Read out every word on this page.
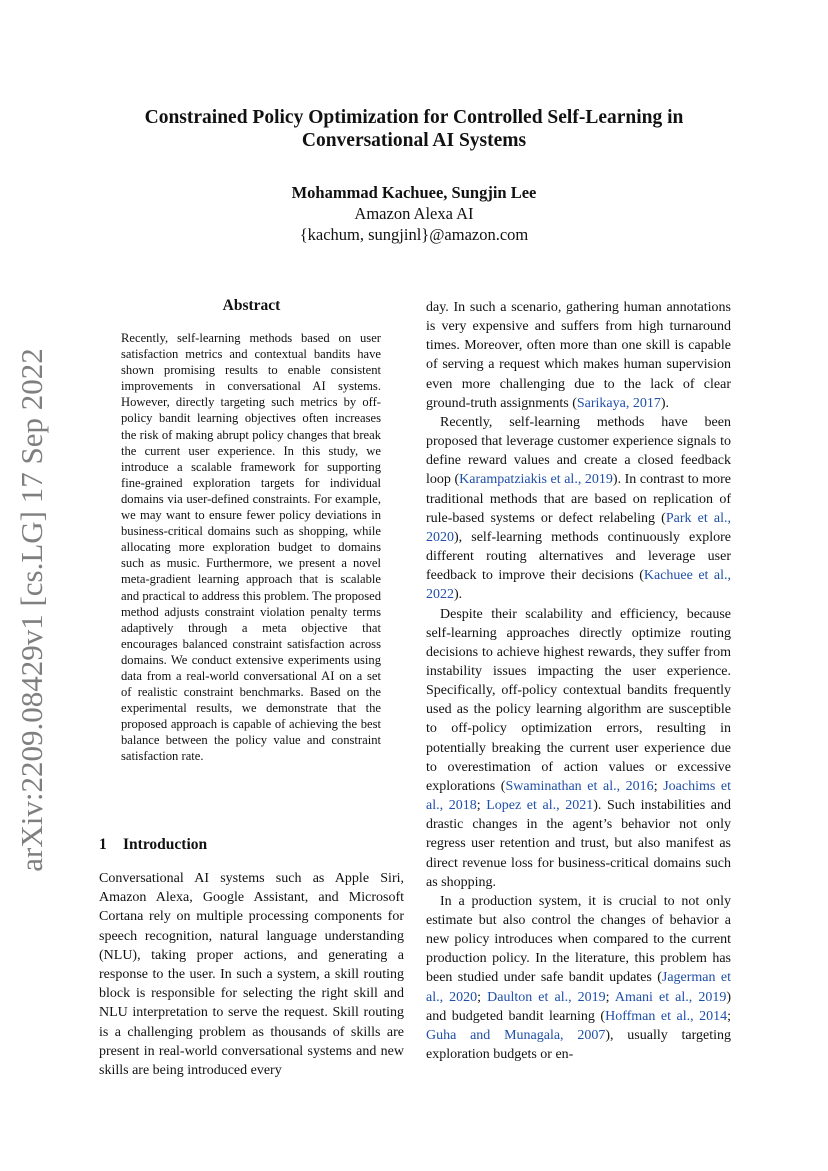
Constrained Policy Optimization for Controlled Self-Learning in
Conversational AI Systems
Mohammad Kachuee, Sungjin Lee
Amazon Alexa AI
{kachum, sungjinl}@amazon.com
arXiv:2209.08429v1 [cs.LG] 17 Sep 2022
Abstract

Recently, self-learning methods based on user satisfaction metrics and contextual bandits have shown promising results to enable consistent improvements in conversational AI systems. However, directly targeting such metrics by off-policy bandit learning objectives often increases the risk of making abrupt policy changes that break the current user experience. In this study, we introduce a scalable framework for supporting fine-grained exploration targets for individual domains via user-defined constraints. For example, we may want to ensure fewer policy deviations in business-critical domains such as shopping, while allocating more exploration budget to domains such as music. Furthermore, we present a novel meta-gradient learning approach that is scalable and practical to address this problem. The proposed method adjusts constraint violation penalty terms adaptively through a meta objective that encourages balanced constraint satisfaction across domains. We conduct extensive experiments using data from a real-world conversational AI on a set of realistic constraint benchmarks. Based on the experimental results, we demonstrate that the proposed approach is capable of achieving the best balance between the policy value and constraint satisfaction rate.

1 Introduction

Conversational AI systems such as Apple Siri, Amazon Alexa, Google Assistant, and Microsoft Cortana rely on multiple processing components for speech recognition, natural language understanding (NLU), taking proper actions, and generating a response to the user. In such a system, a skill routing block is responsible for selecting the right skill and NLU interpretation to serve the request. Skill routing is a challenging problem as thousands of skills are present in real-world conversational systems and new skills are being introduced every

day. In such a scenario, gathering human annotations is very expensive and suffers from high turnaround times. Moreover, often more than one skill is capable of serving a request which makes human supervision even more challenging due to the lack of clear ground-truth assignments (Sarikaya, 2017).

Recently, self-learning methods have been proposed that leverage customer experience signals to define reward values and create a closed feedback loop (Karampatziakis et al., 2019). In contrast to more traditional methods that are based on replication of rule-based systems or defect relabeling (Park et al., 2020), self-learning methods continuously explore different routing alternatives and leverage user feedback to improve their decisions (Kachuee et al., 2022).

Despite their scalability and efficiency, because self-learning approaches directly optimize routing decisions to achieve highest rewards, they suffer from instability issues impacting the user experience. Specifically, off-policy contextual bandits frequently used as the policy learning algorithm are susceptible to off-policy optimization errors, resulting in potentially breaking the current user experience due to overestimation of action values or excessive explorations (Swaminathan et al., 2016; Joachims et al., 2018; Lopez et al., 2021). Such instabilities and drastic changes in the agent’s behavior not only regress user retention and trust, but also manifest as direct revenue loss for business-critical domains such as shopping.

In a production system, it is crucial to not only estimate but also control the changes of behavior a new policy introduces when compared to the current production policy. In the literature, this problem has been studied under safe bandit updates (Jagerman et al., 2020; Daulton et al., 2019; Amani et al., 2019) and budgeted bandit learning (Hoffman et al., 2014; Guha and Munagala, 2007), usually targeting exploration budgets or en-
